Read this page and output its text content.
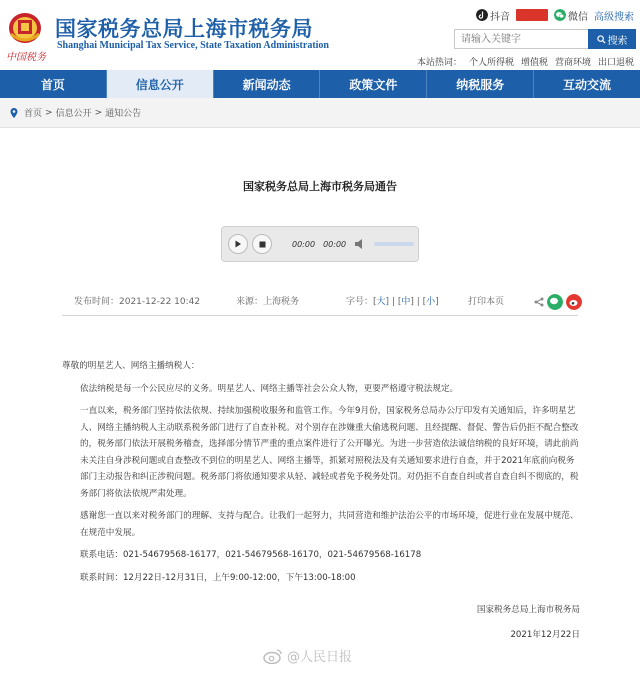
中国税务
国家税务总局上海市税务局
Shanghai Municipal Tax Service, State Taxation Administration
抖音	微信 高级搜索
请输入关键字
搜索
本站热词： 个人所得税 增值税 营商环境 出口退税
首页	信息公开	新闻动态	政策文件	纳税服务	互动交流
首页 > 信息公开 > 通知公告
国家税务总局上海市税务局通告
00:00 00:00
发布时间：2021-12-22 10:42	来源：上海税务	字号：[大] | [中] | [小]	打印本页

尊敬的明星艺人、网络主播纳税人：

依法纳税是每一个公民应尽的义务。明星艺人、网络主播等社会公众人物，更要严格遵守税法规定。

一直以来，税务部门坚持依法依规、持续加强税收服务和监管工作。今年9月份，国家税务总局办公厅印发有关通知后，许多明星艺人、网络主播纳税人主动联系税务部门进行了自查补税。对个别存在涉嫌重大偷逃税问题、且经提醒、督促、警告后仍拒不配合整改的，税务部门依法开展税务稽查，选择部分情节严重的重点案件进行了公开曝光。为进一步营造依法诚信纳税的良好环境，请此前尚未关注自身涉税问题或自查整改不到位的明星艺人、网络主播等，抓紧对照税法及有关通知要求进行自查，并于2021年底前向税务部门主动报告和纠正涉税问题。税务部门将依通知要求从轻、减轻或者免予税务处罚。对仍拒不自查自纠或者自查自纠不彻底的，税务部门将依法依规严肃处理。

感谢您一直以来对税务部门的理解、支持与配合。让我们一起努力，共同营造和维护法治公平的市场环境，促进行业在发展中规范、在规范中发展。

联系电话：021-54679568-16177，021-54679568-16170，021-54679568-16178

联系时间：12月22日-12月31日，上午9:00-12:00，下午13:00-18:00

国家税务总局上海市税务局
2021年12月22日
@人民日报
